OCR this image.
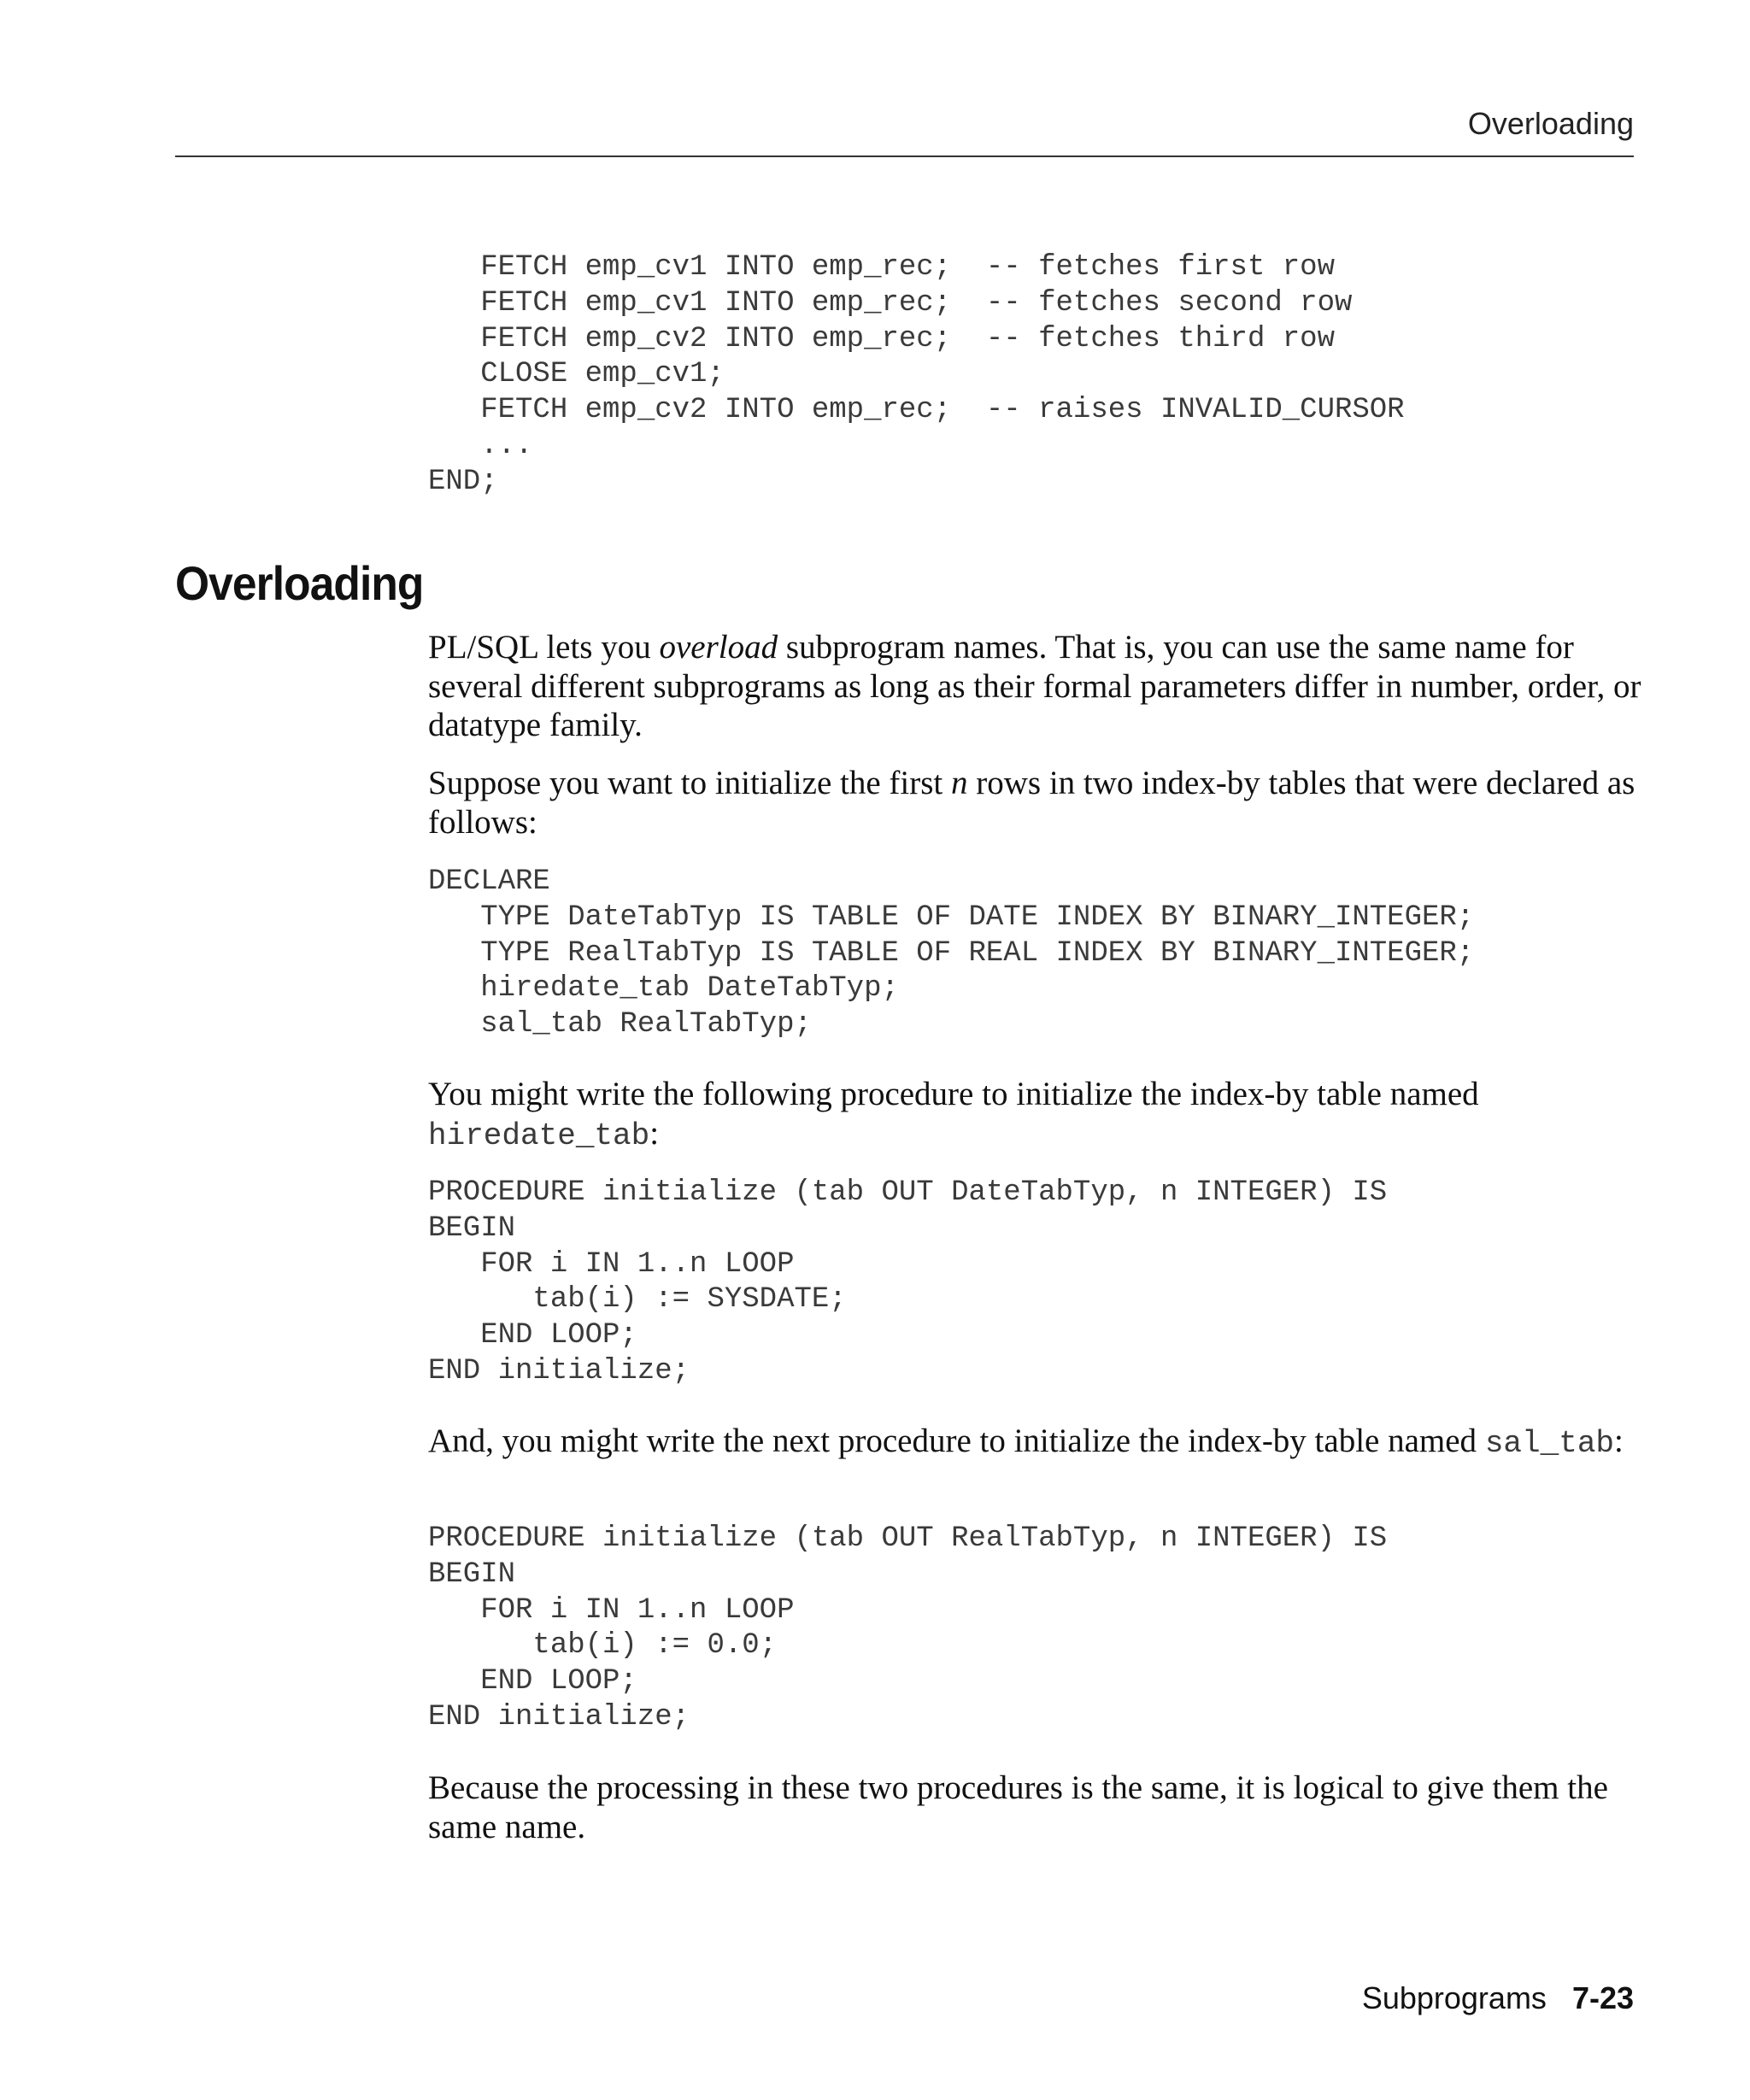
Overloading
FETCH emp_cv1 INTO emp_rec;  -- fetches first row
FETCH emp_cv1 INTO emp_rec;  -- fetches second row
FETCH emp_cv2 INTO emp_rec;  -- fetches third row
CLOSE emp_cv1;
FETCH emp_cv2 INTO emp_rec;  -- raises INVALID_CURSOR
...
END;
Overloading

PL/SQL lets you overload subprogram names. That is, you can use the same name for several different subprograms as long as their formal parameters differ in number, order, or datatype family.

Suppose you want to initialize the first n rows in two index-by tables that were declared as follows:

DECLARE
TYPE DateTabTyp IS TABLE OF DATE INDEX BY BINARY_INTEGER;
TYPE RealTabTyp IS TABLE OF REAL INDEX BY BINARY_INTEGER;
hiredate_tab DateTabTyp;
sal_tab RealTabTyp;

You might write the following procedure to initialize the index-by table named hiredate_tab:

PROCEDURE initialize (tab OUT DateTabTyp, n INTEGER) IS
BEGIN
FOR i IN 1..n LOOP
tab(i) := SYSDATE;
END LOOP;
END initialize;

And, you might write the next procedure to initialize the index-by table named sal_tab:

PROCEDURE initialize (tab OUT RealTabTyp, n INTEGER) IS
BEGIN
FOR i IN 1..n LOOP
tab(i) := 0.0;
END LOOP;
END initialize;

Because the processing in these two procedures is the same, it is logical to give them the same name.

Subprograms 7-23
